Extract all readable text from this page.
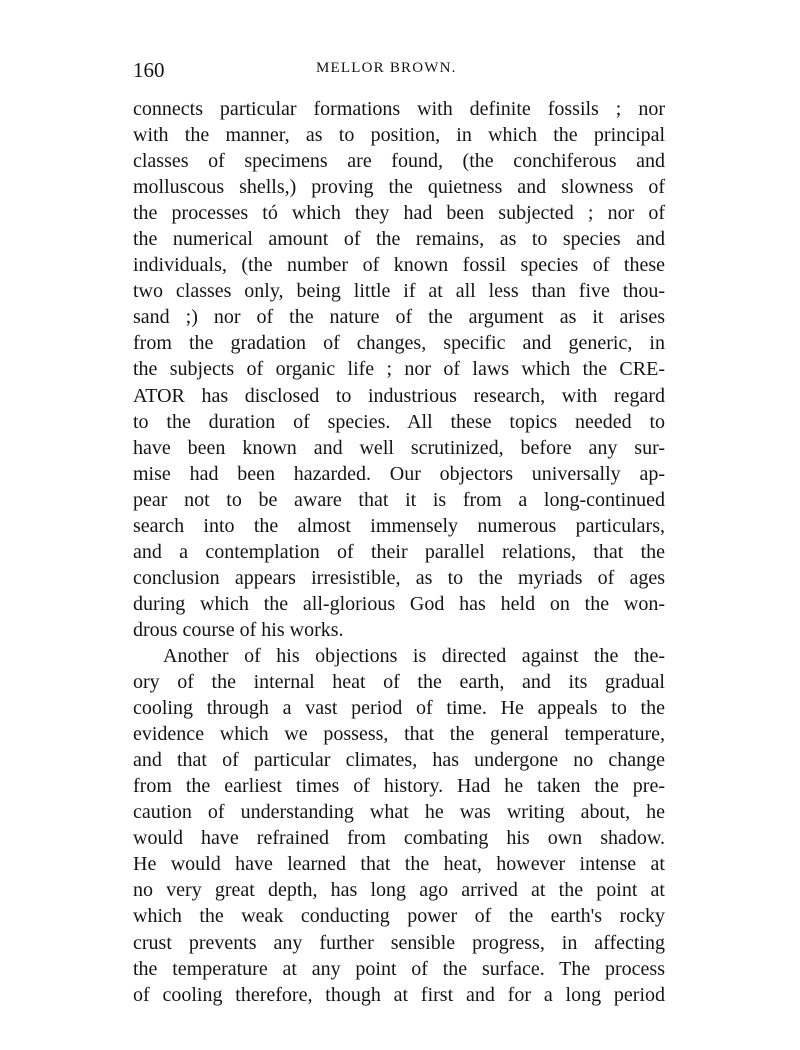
160	MELLOR BROWN.
connects particular formations with definite fossils ; nor
with the manner, as to position, in which the principal
classes of specimens are found, (the conchiferous and
molluscous shells,) proving the quietness and slowness of
the processes tó which they had been subjected ; nor of
the numerical amount of the remains, as to species and
individuals, (the number of known fossil species of these
two classes only, being little if at all less than five thou-
sand ;) nor of the nature of the argument as it arises
from the gradation of changes, specific and generic, in
the subjects of organic life ; nor of laws which the CRE-
ATOR has disclosed to industrious research, with regard
to the duration of species. All these topics needed to
have been known and well scrutinized, before any sur-
mise had been hazarded. Our objectors universally ap-
pear not to be aware that it is from a long-continued
search into the almost immensely numerous particulars,
and a contemplation of their parallel relations, that the
conclusion appears irresistible, as to the myriads of ages
during which the all-glorious God has held on the won-
drous course of his works.
Another of his objections is directed against the the-
ory of the internal heat of the earth, and its gradual
cooling through a vast period of time. He appeals to the
evidence which we possess, that the general temperature,
and that of particular climates, has undergone no change
from the earliest times of history. Had he taken the pre-
caution of understanding what he was writing about, he
would have refrained from combating his own shadow.
He would have learned that the heat, however intense at
no very great depth, has long ago arrived at the point at
which the weak conducting power of the earth's rocky
crust prevents any further sensible progress, in affecting
the temperature at any point of the surface. The process
of cooling therefore, though at first and for a long period
